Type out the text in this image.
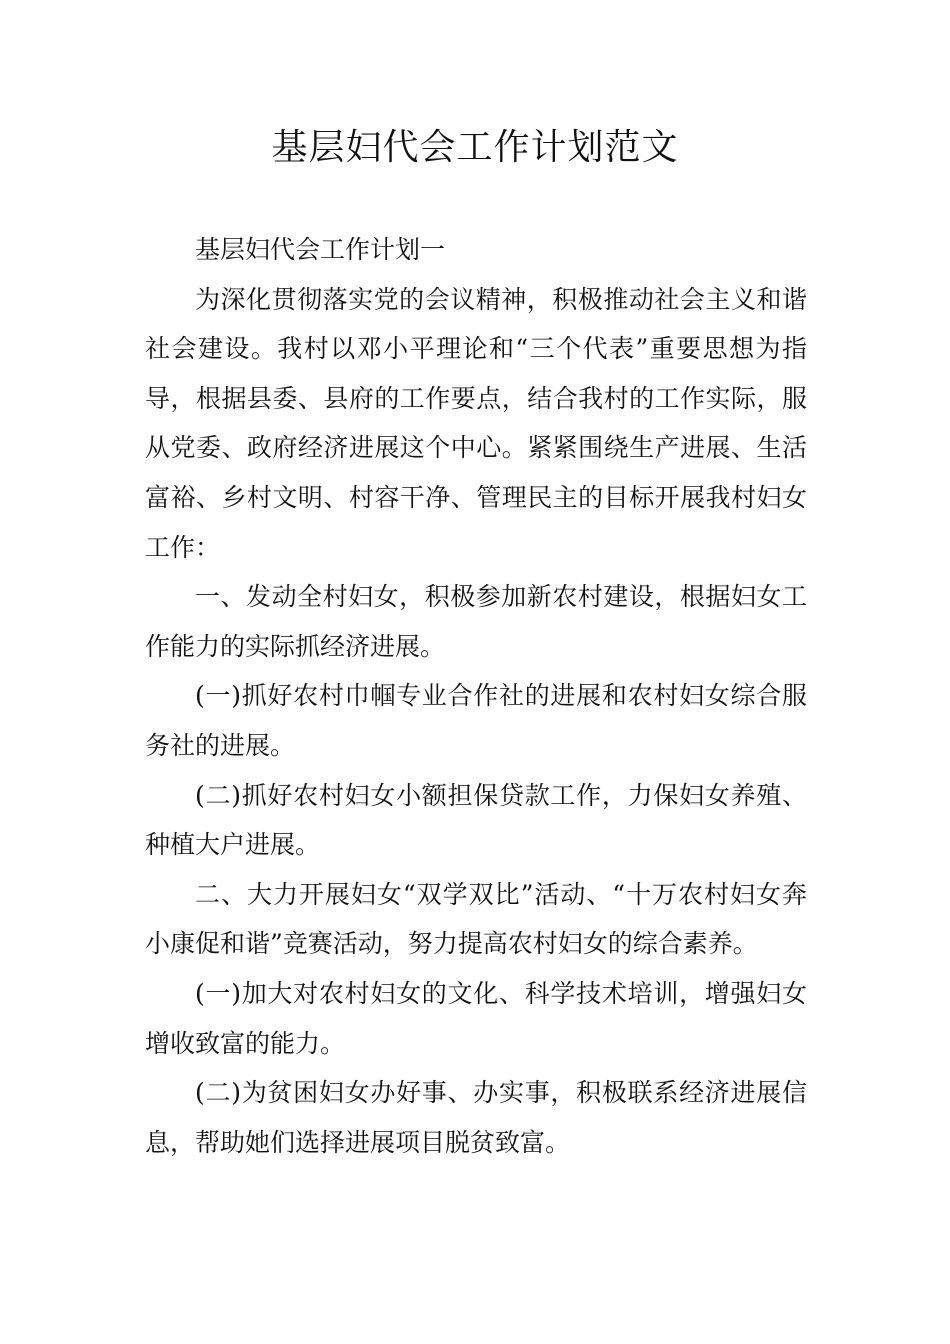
基层妇代会工作计划范文

基层妇代会工作计划一

为深化贯彻落实党的会议精神，积极推动社会主义和谐社会建设。我村以邓小平理论和“三个代表”重要思想为指导，根据县委、县府的工作要点，结合我村的工作实际，服从党委、政府经济进展这个中心。紧紧围绕生产进展、生活富裕、乡村文明、村容干净、管理民主的目标开展我村妇女工作：

一、发动全村妇女，积极参加新农村建设，根据妇女工作能力的实际抓经济进展。

(一)抓好农村巾帼专业合作社的进展和农村妇女综合服务社的进展。

(二)抓好农村妇女小额担保贷款工作，力保妇女养殖、种植大户进展。

二、大力开展妇女“双学双比”活动、“十万农村妇女奔小康促和谐”竞赛活动，努力提高农村妇女的综合素养。

(一)加大对农村妇女的文化、科学技术培训，增强妇女增收致富的能力。

(二)为贫困妇女办好事、办实事，积极联系经济进展信息，帮助她们选择进展项目脱贫致富。
